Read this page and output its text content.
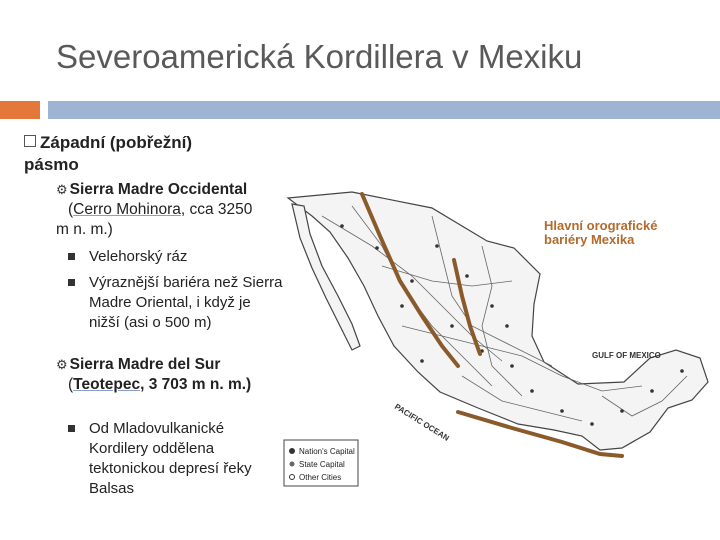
Severoamerická Kordillera v Mexiku
Západní (pobřežní) pásmo
⚙ Sierra Madre Occidental
(Cerro Mohinora, cca 3250 m n. m.)
Velehorský ráz
Výraznější bariéra než Sierra Madre Oriental, i když je nižší (asi o 500 m)
⚙ Sierra Madre del Sur
(Teotepec, 3 703 m n. m.)
Od Mladovulkanické Kordilery oddělena tektonickou depresí řeky Balsas
Hlavní orografické
bariéry Mexika
GULF OF MEXICO
PACIFIC OCEAN
Nation's Capital
State Capital
Other Cities
